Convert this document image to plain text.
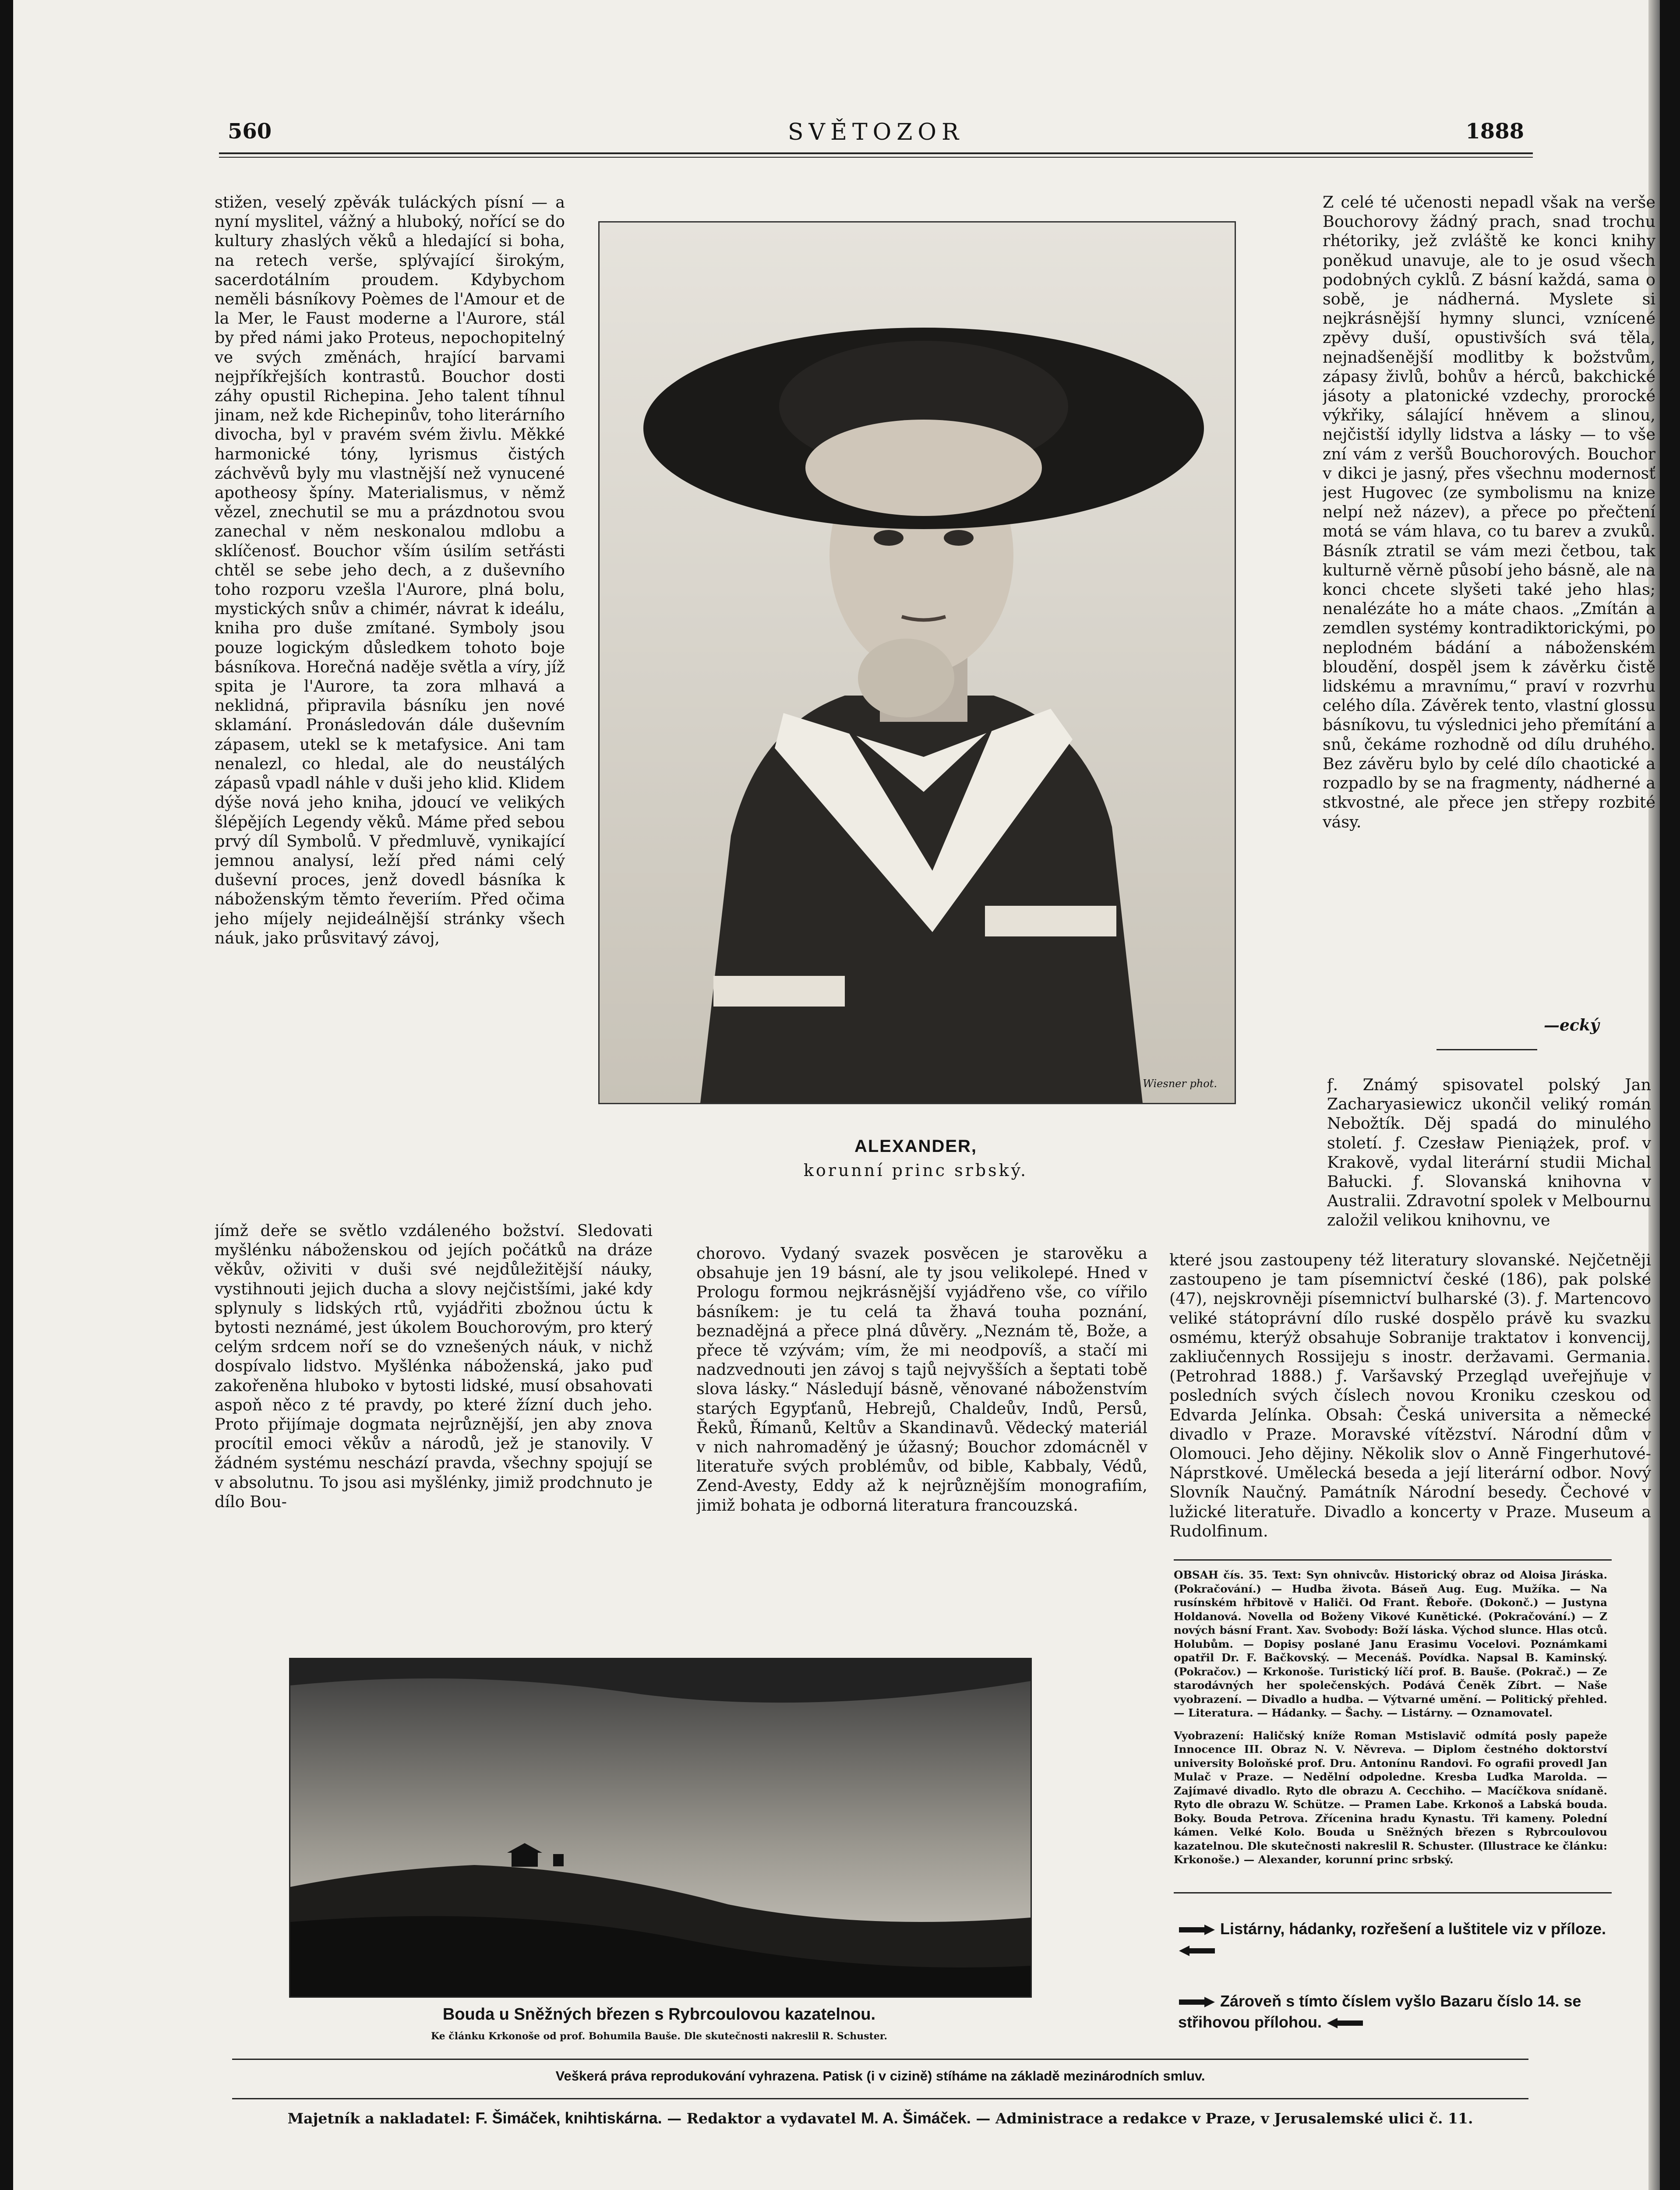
560	SVĚTOZOR	1888

stižen, veselý zpěvák tuláckých písní — a nyní myslitel, vážný a hluboký, nořící se do kultury zhaslých věků a hledající si boha, na retech verše, splývající širokým, sacerdotálním proudem. Kdybychom neměli básníkovy Poèmes de l'Amour et de la Mer, le Faust moderne a l'Aurore, stál by před námi jako Proteus, nepochopitelný ve svých změnách, hrající barvami nejpříkřejších kontrastů. Bouchor dosti záhy opustil Richepina. Jeho talent tíhnul jinam, než kde Richepinův, toho literárního divocha, byl v pravém svém živlu. Měkké harmonické tóny, lyrismus čistých záchvěvů byly mu vlastnější než vynucené apotheosy špíny. Materialismus, v němž vězel, znechutil se mu a prázdnotou svou zanechal v něm neskonalou mdlobu a sklíčenosť. Bouchor vším úsilím setřásti chtěl se sebe jeho dech, a z duševního toho rozporu vzešla l'Aurore, plná bolu, mystických snův a chimér, návrat k ideálu, kniha pro duše zmítané. Symboly jsou pouze logickým důsledkem tohoto boje básníkova. Horečná naděje světla a víry, jíž spita je l'Aurore, ta zora mlhavá a neklidná, připravila básníku jen nové sklamání. Pronásledován dále duševním zápasem, utekl se k metafysice. Ani tam nenalezl, co hledal, ale do neustálých zápasů vpadl náhle v duši jeho klid. Klidem dýše nová jeho kniha, jdoucí ve velikých šlépějích Legendy věků. Máme před sebou prvý díl Symbolů. V předmluvě, vynikající jemnou analysí, leží před námi celý duševní proces, jenž dovedl básníka k náboženským těmto řeveriím. Před očima jeho míjely nejideálnější stránky všech náuk, jako průsvitavý závoj,

jímž deře se světlo vzdáleného božství. Sledovati myšlénku náboženskou od jejích počátků na dráze věkův, oživiti v duši své nejdůležitější náuky, vystihnouti jejich ducha a slovy nejčistšími, jaké kdy splynuly s lidských rtů, vyjádřiti zbožnou úctu k bytosti neznámé, jest úkolem Bouchorovým, pro který celým srdcem noří se do vznešených náuk, v nichž dospívalo lidstvo. Myšlénka náboženská, jako puď zakořeněna hluboko v bytosti lidské, musí obsahovati aspoň něco z té pravdy, po které žízní duch jeho. Proto přijímaje dogmata nejrůznější, jen aby znova procítil emoci věkův a národů, jež je stanovily. V žádném systému neschází pravda, všechny spojují se v absolutnu. To jsou asi myšlénky, jimiž prodchnuto je dílo Bou-

Wiesner phot.
ALEXANDER,
korunní princ srbský.

chorovo. Vydaný svazek posvěcen je starověku a obsahuje jen 19 básní, ale ty jsou velikolepé. Hned v Prologu formou nejkrásnější vyjádřeno vše, co vířilo básníkem: je tu celá ta žhavá touha poznání, beznadějná a přece plná důvěry. „Neznám tě, Bože, a přece tě vzývám; vím, že mi neodpovíš, a stačí mi nadzvednouti jen závoj s tajů nejvyšších a šeptati tobě slova lásky.“ Následují básně, věnované náboženstvím starých Egypťanů, Hebrejů, Chaldeův, Indů, Persů, Řeků, Římanů, Keltův a Skandinavů. Vědecký materiál v nich nahromaděný je úžasný; Bouchor zdomácněl v literatuře svých problémův, od bible, Kabbaly, Védů, Zend-Avesty, Eddy až k nejrůznějším monografiím, jimiž bohata je odborná literatura francouzská.

Z celé té učenosti nepadl však na verše Bouchorovy žádný prach, snad trochu rhétoriky, jež zvláště ke konci knihy poněkud unavuje, ale to je osud všech podobných cyklů. Z básní každá, sama o sobě, je nádherná. Myslete si nejkrásnější hymny slunci, vznícené zpěvy duší, opustivších svá těla, nejnadšenější modlitby k božstvům, zápasy živlů, bohův a hérců, bakchické jásoty a platonické vzdechy, prorocké výkřiky, sálající hněvem a slinou, nejčistší idylly lidstva a lásky — to vše zní vám z veršů Bouchorových. Bouchor v dikci je jasný, přes všechnu modernosť jest Hugovec (ze symbolismu na knize nelpí než název), a přece po přečtení motá se vám hlava, co tu barev a zvuků. Básník ztratil se vám mezi četbou, tak kulturně věrně působí jeho básně, ale na konci chcete slyšeti také jeho hlas; nenalézáte ho a máte chaos. „Zmítán a zemdlen systémy kontradiktorickými, po neplodném bádání a náboženském bloudění, dospěl jsem k závěrku čistě lidskému a mravnímu,“ praví v rozvrhu celého díla. Závěrek tento, vlastní glossu básníkovu, tu výslednici jeho přemítání a snů, čekáme rozhodně od dílu druhého. Bez závěru bylo by celé dílo chaotické a rozpadlo by se na fragmenty, nádherné a stkvostné, ale přece jen střepy rozbité vásy.

—ecký

ƒ. Známý spisovatel polský Jan Zacharyasiewicz ukončil veliký román Nebožtík. Děj spadá do minulého století. ƒ. Czesław Pieniążek, prof. v Krakově, vydal literární studii Michal Bałucki. ƒ. Slovanská knihovna v Australii. Zdravotní spolek v Melbournu založil velikou knihovnu, ve

které jsou zastoupeny též literatury slovanské. Nejčetněji zastoupeno je tam písemnictví české (186), pak polské (47), nejskrovněji písemnictví bulharské (3). ƒ. Martencovo veliké státoprávní dílo ruské dospělo právě ku svazku osmému, kterýž obsahuje Sobranije traktatov i konvencij, zakliučennych Rossijeju s inostr. deržavami. Germania. (Petrohrad 1888.) ƒ. Varšavský Przegląd uveřejňuje v posledních svých číslech novou Kroniku czeskou od Edvarda Jelínka. Obsah: Česká universita a německé divadlo v Praze. Moravské vítězství. Národní dům v Olomouci. Jeho dějiny. Několik slov o Anně Fingerhutové-Náprstkové. Umělecká beseda a její literární odbor. Nový Slovník Naučný. Památník Národní besedy. Čechové v lužické literatuře. Divadlo a koncerty v Praze. Museum a Rudolfinum.

OBSAH čís. 35. Text: Syn ohnivcův. Historický obraz od Aloisa Jiráska. (Pokračování.) — Hudba života. Báseň Aug. Eug. Mužíka. — Na rusínském hřbitově v Haliči. Od Frant. Řeboře. (Dokonč.) — Justyna Holdanová. Novella od Boženy Vikové Kunětické. (Pokračování.) — Z nových básní Frant. Xav. Svobody: Boží láska. Východ slunce. Hlas otců. Holubům. — Dopisy poslané Janu Erasimu Vocelovi. Poznámkami opatřil Dr. F. Bačkovský. — Mecenáš. Povídka. Napsal B. Kaminský. (Pokračov.) — Krkonoše. Turistický líčí prof. B. Bauše. (Pokrač.) — Ze starodávných her společenských. Podává Čeněk Zíbrt. — Naše vyobrazení. — Divadlo a hudba. — Výtvarné umění. — Politický přehled. — Literatura. — Hádanky. — Šachy. — Listárny. — Oznamovatel.

Vyobrazení: Haličský kníže Roman Mstislavič odmítá posly papeže Innocence III. Obraz N. V. Něvreva. — Diplom čestného doktorství university Boloňské prof. Dru. Antonínu Randovi. Fo ografii provedl Jan Mulač v Praze. — Nedělní odpoledne. Kresba Luďka Marolda. — Zajímavé divadlo. Ryto dle obrazu A. Cecchiho. — Macíčkova snídaně. Ryto dle obrazu W. Schütze. — Pramen Labe. Krkonoš a Labská bouda. Boky. Bouda Petrova. Zřícenina hradu Kynastu. Tři kameny. Polední kámen. Velké Kolo. Bouda u Sněžných březen s Rybrcoulovou kazatelnou. Dle skutečnosti nakreslil R. Schuster. (Illustrace ke článku: Krkonoše.) — Alexander, korunní princ srbský.

Listárny, hádanky, rozřešení a luštitele viz v příloze.
Zároveň s tímto číslem vyšlo Bazaru číslo 14. se střihovou přílohou.
Bouda u Sněžných březen s Rybrcoulovou kazatelnou.
Ke článku Krkonoše od prof. Bohumila Bauše. Dle skutečnosti nakreslil R. Schuster.
Veškerá práva reprodukování vyhrazena. Patisk (i v cizině) stíháme na základě mezinárodních smluv.
Majetník a nakladatel: F. Šimáček, knihtiskárna. — Redaktor a vydavatel M. A. Šimáček. — Administrace a redakce v Praze, v Jerusalemské ulici č. 11.
